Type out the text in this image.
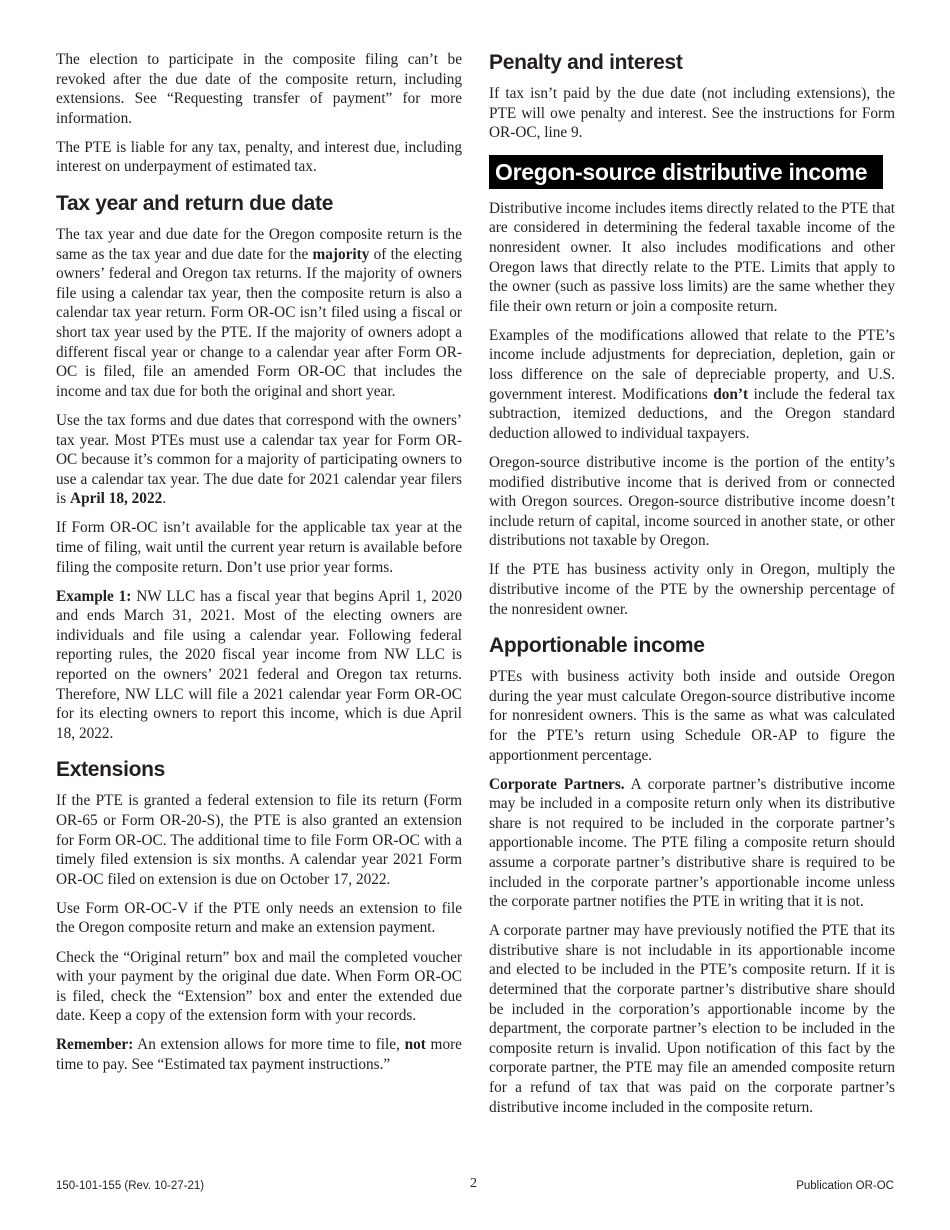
The election to participate in the composite filing can’t be revoked after the due date of the composite return, including extensions. See “Requesting transfer of payment” for more information.

The PTE is liable for any tax, penalty, and interest due, including interest on underpayment of estimated tax.

Tax year and return due date

The tax year and due date for the Oregon composite return is the same as the tax year and due date for the majority of the electing owners’ federal and Oregon tax returns. If the majority of owners file using a calendar tax year, then the composite return is also a calendar tax year return. Form OR-OC isn’t filed using a fiscal or short tax year used by the PTE. If the majority of owners adopt a different fiscal year or change to a calendar year after Form OR-OC is filed, file an amended Form OR-OC that includes the income and tax due for both the original and short year.

Use the tax forms and due dates that correspond with the owners’ tax year. Most PTEs must use a calendar tax year for Form OR-OC because it’s common for a majority of participating owners to use a calendar tax year. The due date for 2021 calendar year filers is April 18, 2022.

If Form OR-OC isn’t available for the applicable tax year at the time of filing, wait until the current year return is available before filing the composite return. Don’t use prior year forms.

Example 1: NW LLC has a fiscal year that begins April 1, 2020 and ends March 31, 2021. Most of the electing owners are individuals and file using a calendar year. Following federal reporting rules, the 2020 fiscal year income from NW LLC is reported on the owners’ 2021 federal and Oregon tax returns. Therefore, NW LLC will file a 2021 calendar year Form OR-OC for its electing owners to report this income, which is due April 18, 2022.

Extensions

If the PTE is granted a federal extension to file its return (Form OR-65 or Form OR-20-S), the PTE is also granted an extension for Form OR-OC. The additional time to file Form OR-OC with a timely filed extension is six months. A calendar year 2021 Form OR-OC filed on extension is due on October 17, 2022.

Use Form OR-OC-V if the PTE only needs an extension to file the Oregon composite return and make an extension payment.

Check the “Original return” box and mail the completed voucher with your payment by the original due date. When Form OR-OC is filed, check the “Extension” box and enter the extended due date. Keep a copy of the extension form with your records.

Remember: An extension allows for more time to file, not more time to pay. See “Estimated tax payment instructions.”

Penalty and interest

If tax isn’t paid by the due date (not including extensions), the PTE will owe penalty and interest. See the instructions for Form OR-OC, line 9.

Oregon-source distributive income

Distributive income includes items directly related to the PTE that are considered in determining the federal taxable income of the nonresident owner. It also includes modifications and other Oregon laws that directly relate to the PTE. Limits that apply to the owner (such as passive loss limits) are the same whether they file their own return or join a composite return.

Examples of the modifications allowed that relate to the PTE’s income include adjustments for depreciation, depletion, gain or loss difference on the sale of depreciable property, and U.S. government interest. Modifications don’t include the federal tax subtraction, itemized deductions, and the Oregon standard deduction allowed to individual taxpayers.

Oregon-source distributive income is the portion of the entity’s modified distributive income that is derived from or connected with Oregon sources. Oregon-source distributive income doesn’t include return of capital, income sourced in another state, or other distributions not taxable by Oregon.

If the PTE has business activity only in Oregon, multiply the distributive income of the PTE by the ownership percentage of the nonresident owner.

Apportionable income

PTEs with business activity both inside and outside Oregon during the year must calculate Oregon-source distributive income for nonresident owners. This is the same as what was calculated for the PTE’s return using Schedule OR-AP to figure the apportionment percentage.

Corporate Partners. A corporate partner’s distributive income may be included in a composite return only when its distributive share is not required to be included in the corporate partner’s apportionable income. The PTE filing a composite return should assume a corporate partner’s distributive share is required to be included in the corporate partner’s apportionable income unless the corporate partner notifies the PTE in writing that it is not.

A corporate partner may have previously notified the PTE that its distributive share is not includable in its apportionable income and elected to be included in the PTE’s composite return. If it is determined that the corporate partner’s distributive share should be included in the corporation’s apportionable income by the department, the corporate partner’s election to be included in the composite return is invalid. Upon notification of this fact by the corporate partner, the PTE may file an amended composite return for a refund of tax that was paid on the corporate partner’s distributive income included in the composite return.

150-101-155 (Rev. 10-27-21)	2	Publication OR-OC
